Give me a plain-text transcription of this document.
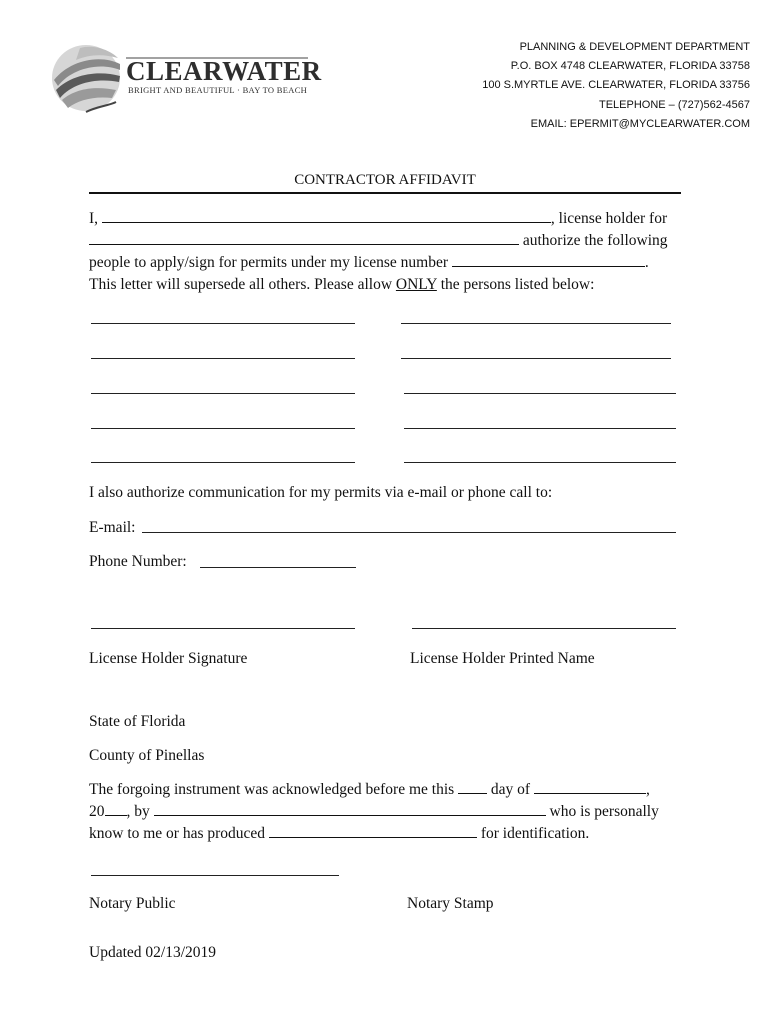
CLEARWATER
BRIGHT AND BEAUTIFUL · BAY TO BEACH
PLANNING & DEVELOPMENT DEPARTMENT
P.O. BOX 4748 CLEARWATER, FLORIDA 33758
100 S.MYRTLE AVE. CLEARWATER, FLORIDA 33756
TELEPHONE – (727)562-4567
EMAIL: EPERMIT@MYCLEARWATER.COM
CONTRACTOR AFFIDAVIT
I,	, license holder for
authorize the following
people to apply/sign for permits under my license number	.
This letter will supersede all others. Please allow ONLY the persons listed below:
I also authorize communication for my permits via e-mail or phone call to:
E-mail:
Phone Number:
License Holder Signature	License Holder Printed Name
State of Florida
County of Pinellas
The forgoing instrument was acknowledged before me this day of	,
20 , by	who is personally
know to me or has produced	for identification.
Notary Public	Notary Stamp
Updated 02/13/2019
